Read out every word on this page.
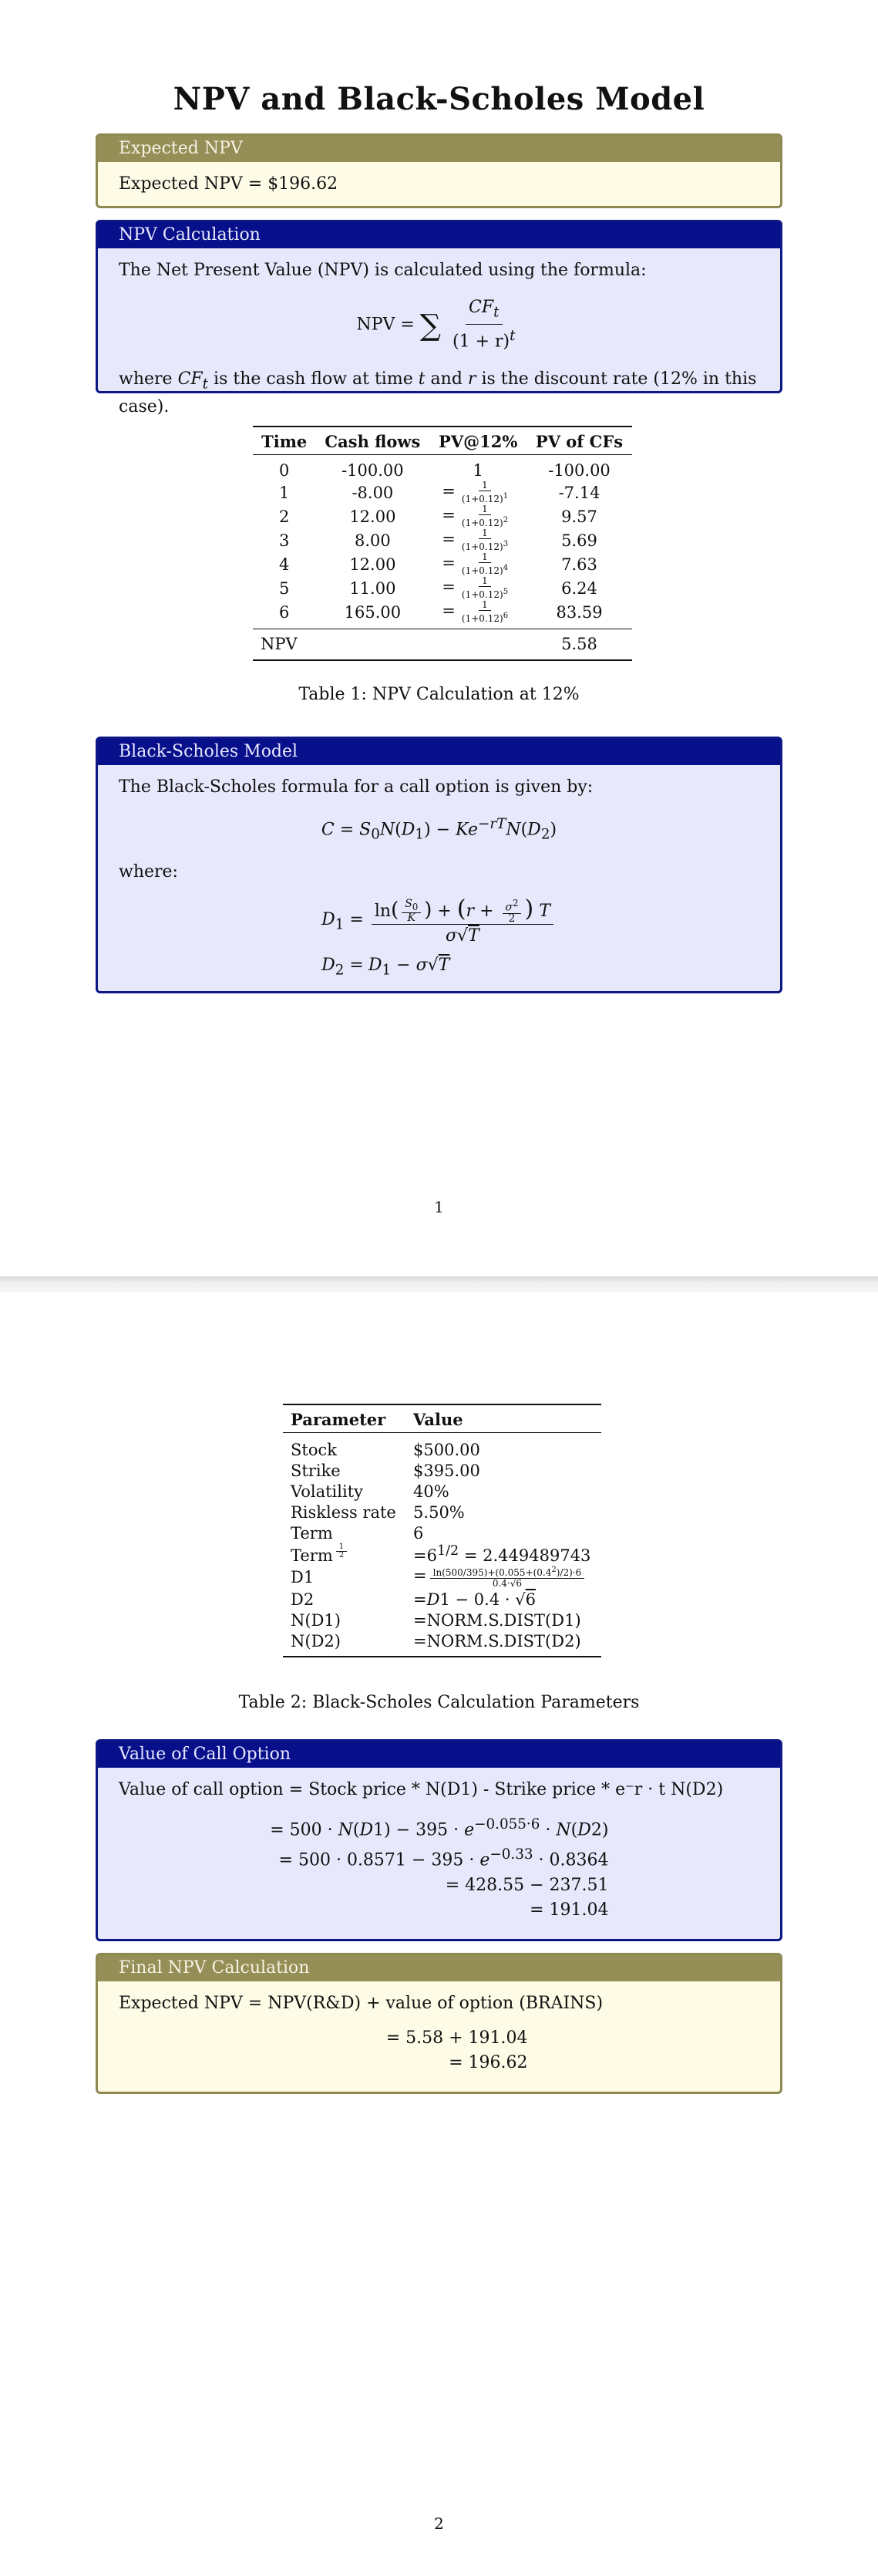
NPV and Black-Scholes Model
Expected NPV
Expected NPV = $196.62
NPV Calculation
The Net Present Value (NPV) is calculated using the formula:
NPV = ∑ $\frac{CF_t}{(1 + r)^t}$
where $CF_t$ is the cash flow at time t and r is the discount rate (12% in this case).
Time	Cash flows	PV@12%	PV of CFs
0	-100.00	1	-100.00
1	-8.00	= $\frac{1}{(1+0.12)^1}$	-7.14
2	12.00	= $\frac{1}{(1+0.12)^2}$	9.57
3	8.00	= $\frac{1}{(1+0.12)^3}$	5.69
4	12.00	= $\frac{1}{(1+0.12)^4}$	7.63
5	11.00	= $\frac{1}{(1+0.12)^5}$	6.24
6	165.00	= $\frac{1}{(1+0.12)^6}$	83.59
NPV			5.58
Table 1: NPV Calculation at 12%
Black-Scholes Model
The Black-Scholes formula for a call option is given by:
$C = S_0N(D_1) - Ke^{-rT}N(D_2)$
where:
$D_1 = \frac{\ln( \frac{S_0}{K} ) + (r + \frac{\sigma^2}{2} ) T}{\sigma√T}$
$D_2 = D_1 - \sigma√T$
1
Parameter	Value
Stock	$500.00
Strike	$395.00
Volatility	40%
Riskless rate	5.50%
Term	6
Term $^{\frac{1}{2}}$	$=6^{1/2} = 2.449489743$
D1	= $\frac{\ln(500/395)+(0.055+(0.4^2)/2)\cdot 6}{0.4\cdot√6}$

D2	=D1 − 0.4 · √6
N(D1)	=NORM.S.DIST(D1)
N(D2)	=NORM.S.DIST(D2)
Table 2: Black-Scholes Calculation Parameters
Value of Call Option
Value of call option = Stock price * N(D1) - Strike price * e⁻r · t N(D2)
= $500 \cdot N(D1) - 395 \cdot e^{-0.055\cdot 6} \cdot N(D2)$
= $500 \cdot 0.8571 - 395 \cdot e^{-0.33} \cdot 0.8364$
= 428.55 − 237.51
= 191.04
Final NPV Calculation
Expected NPV = NPV(R&D) + value of option (BRAINS)
= 5.58 + 191.04
= 196.62
2
